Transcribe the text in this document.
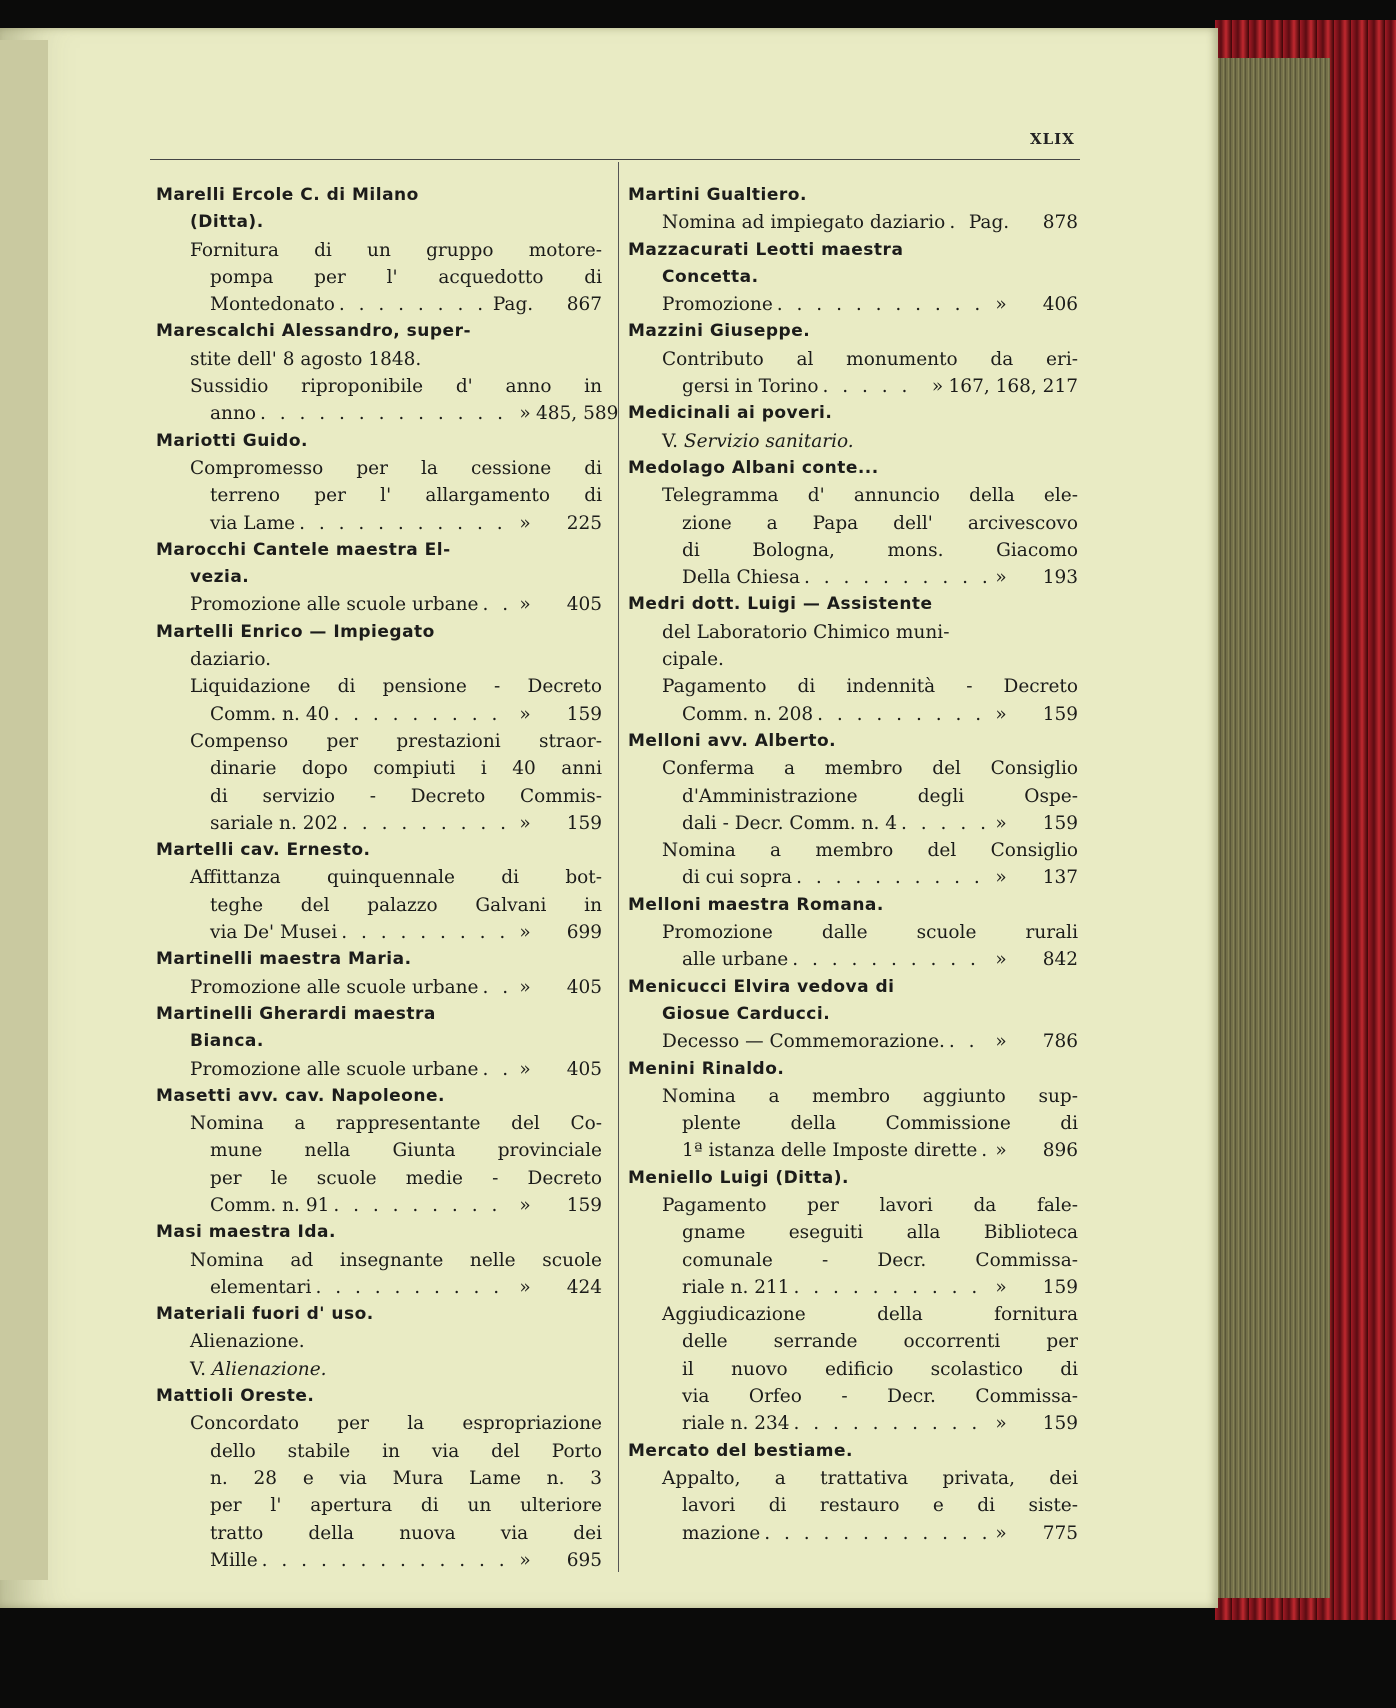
XLIX
Marelli Ercole C. di Milano
(Ditta).
Fornitura di un gruppo motore-
pompa per l' acquedotto di
Montedonato . . .	Pag.	867
Marescalchi Alessandro, super-
stite dell' 8 agosto 1848.
Sussidio riproponibile d' anno in
anno . . .	» 485, 589
Mariotti Guido.
Compromesso per la cessione di
terreno per l' allargamento di
via Lame . . .	»	225
Marocchi Cantele maestra El-
vezia.
Promozione alle scuole urbane . . . »	405
Martelli Enrico — Impiegato
daziario.
Liquidazione di pensione - Decreto
Comm. n. 40 . . .	»	159
Compenso per prestazioni straor-
dinarie dopo compiuti i 40 anni
di servizio - Decreto Commis-
sariale n. 202 . . .	»	159
Martelli cav. Ernesto.
Affittanza quinquennale di bot-
teghe del palazzo Galvani in
via De' Musei . . .	»	699
Martinelli maestra Maria.
Promozione alle scuole urbane . . . »	405
Martinelli Gherardi maestra
Bianca.
Promozione alle scuole urbane . . . »	405
Masetti avv. cav. Napoleone.
Nomina a rappresentante del Co-
mune nella Giunta provinciale
per le scuole medie - Decreto
Comm. n. 91 . . .	»	159
Masi maestra Ida.
Nomina ad insegnante nelle scuole
elementari . . .	»	424
Materiali fuori d' uso.
Alienazione.
V. Alienazione.
Mattioli Oreste.
Concordato per la espropriazione
dello stabile in via del Porto
n. 28 e via Mura Lame n. 3
per l' apertura di un ulteriore
tratto della nuova via dei
Mille . . .	»	695
Martini Gualtiero.
Nomina ad impiegato daziario . . . Pag.	878
Mazzacurati Leotti maestra
Concetta.
Promozione . . .	»	406
Mazzini Giuseppe.
Contributo al monumento da eri-
gersi in Torino . . .	» 167, 168, 217
Medicinali ai poveri.
V. Servizio sanitario.
Medolago Albani conte...
Telegramma d' annuncio della ele-
zione a Papa dell' arcivescovo
di Bologna, mons. Giacomo
Della Chiesa . . .	»	193
Medri dott. Luigi — Assistente
del Laboratorio Chimico muni-
cipale.
Pagamento di indennità - Decreto
Comm. n. 208 . . .	»	159
Melloni avv. Alberto.
Conferma a membro del Consiglio
d'Amministrazione degli Ospe-
dali - Decr. Comm. n. 4 . . .	»	159
Nomina a membro del Consiglio
di cui sopra . . .	»	137
Melloni maestra Romana.
Promozione dalle scuole rurali
alle urbane . . .	»	842
Menicucci Elvira vedova di
Giosue Carducci.
Decesso — Commemorazione. . . .	»	786
Menini Rinaldo.
Nomina a membro aggiunto sup-
plente della Commissione di
1ª istanza delle Imposte dirette . . . »	896
Meniello Luigi (Ditta).
Pagamento per lavori da fale-
gname eseguiti alla Biblioteca
comunale - Decr. Commissa-
riale n. 211 . . .	»	159
Aggiudicazione della fornitura
delle serrande occorrenti per
il nuovo edificio scolastico di
via Orfeo - Decr. Commissa-
riale n. 234 . . .	»	159
Mercato del bestiame.
Appalto, a trattativa privata, dei
lavori di restauro e di siste-
mazione . . .	»	775
